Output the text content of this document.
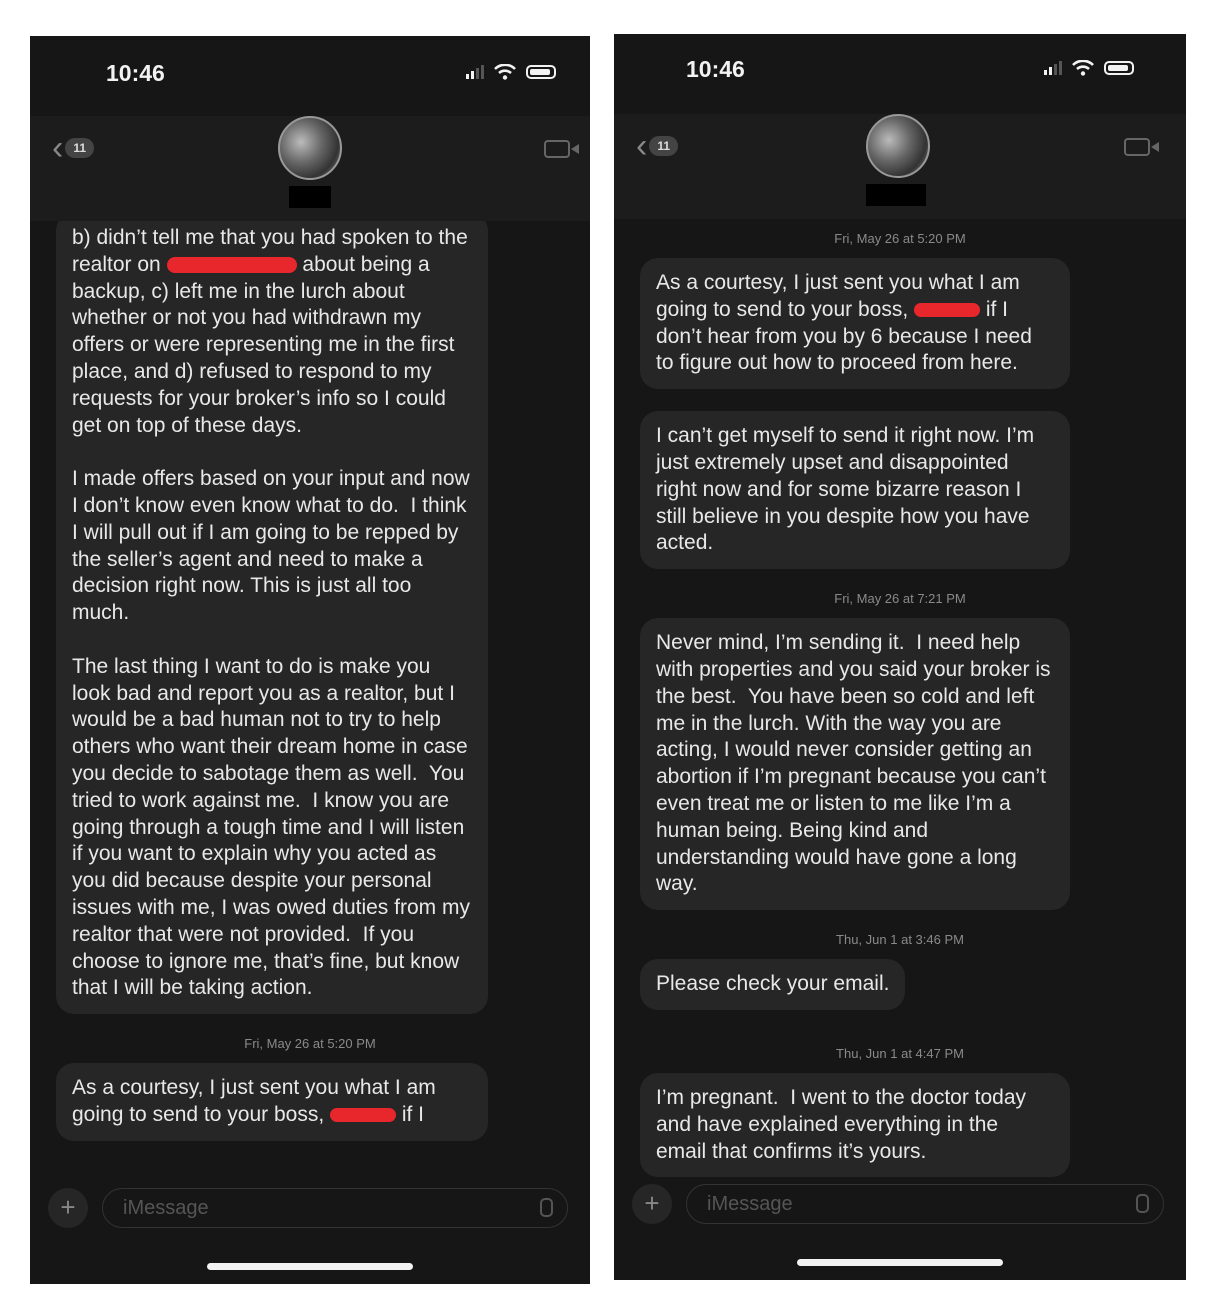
10:46
‹ 11
b) didn’t tell me that you had spoken to the realtor on	about being a backup, c) left me in the lurch about whether or not you had withdrawn my offers or were representing me in the first place, and d) refused to respond to my requests for your broker’s info so I could get on top of these days.

I made offers based on your input and now I don’t know even know what to do.  I think I will pull out if I am going to be repped by the seller’s agent and need to make a decision right now. This is just all too much.

The last thing I want to do is make you look bad and report you as a realtor, but I would be a bad human not to try to help others who want their dream home in case you decide to sabotage them as well.  You tried to work against me.  I know you are going through a tough time and I will listen if you want to explain why you acted as you did because despite your personal issues with me, I was owed duties from my realtor that were not provided.  If you choose to ignore me, that’s fine, but know that I will be taking action.
Fri, May 26 at 5:20 PM
As a courtesy, I just sent you what I am going to send to your boss,	if I
+	iMessage
10:46
‹ 11
Fri, May 26 at 5:20 PM
As a courtesy, I just sent you what I am going to send to your boss,	if I don’t hear from you by 6 because I need to figure out how to proceed from here.
I can’t get myself to send it right now. I’m just extremely upset and disappointed right now and for some bizarre reason I still believe in you despite how you have acted.
Fri, May 26 at 7:21 PM
Never mind, I’m sending it.  I need help with properties and you said your broker is the best.  You have been so cold and left me in the lurch. With the way you are acting, I would never consider getting an abortion if I’m pregnant because you can’t even treat me or listen to me like I’m a human being. Being kind and understanding would have gone a long way.
Thu, Jun 1 at 3:46 PM
Please check your email.
Thu, Jun 1 at 4:47 PM
I’m pregnant.  I went to the doctor today and have explained everything in the email that confirms it’s yours.
+	iMessage
